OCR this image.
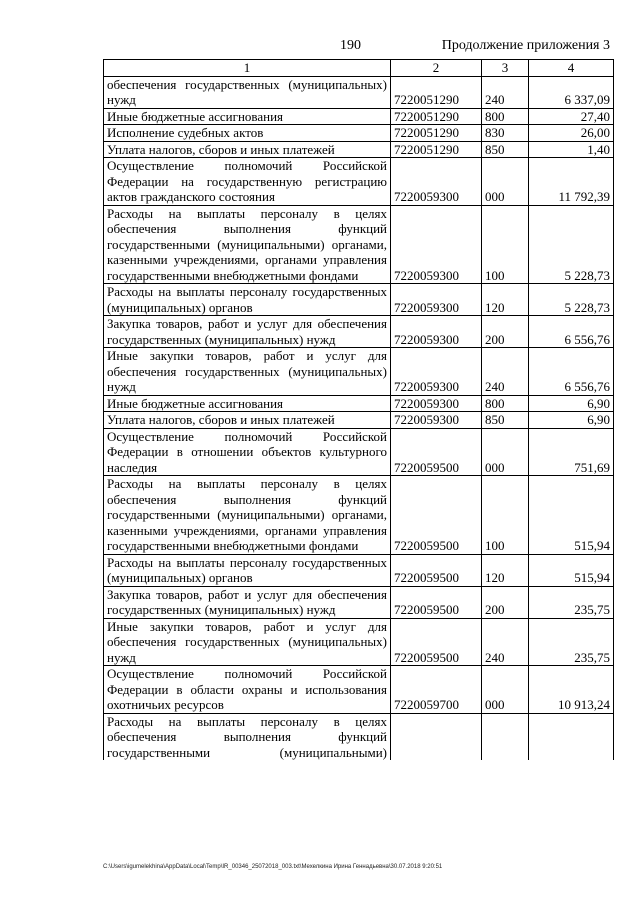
190	Продолжение приложения 3
1	2	3	4
обеспечения государственных (муниципальных) нужд	7220051290	240	6 337,09
Иные бюджетные ассигнования	7220051290	800	27,40
Исполнение судебных актов	7220051290	830	26,00
Уплата налогов, сборов и иных платежей	7220051290	850	1,40
Осуществление полномочий Российской Федерации на государственную регистрацию актов гражданского состояния	7220059300	000	11 792,39
Расходы на выплаты персоналу в целях обеспечения выполнения функций государственными (муниципальными) органами, казенными учреждениями, органами управления государственными внебюджетными фондами	7220059300	100	5 228,73
Расходы на выплаты персоналу государственных (муниципальных) органов	7220059300	120	5 228,73
Закупка товаров, работ и услуг для обеспечения государственных (муниципальных) нужд	7220059300	200	6 556,76
Иные закупки товаров, работ и услуг для обеспечения государственных (муниципальных) нужд	7220059300	240	6 556,76
Иные бюджетные ассигнования	7220059300	800	6,90
Уплата налогов, сборов и иных платежей	7220059300	850	6,90
Осуществление полномочий Российской Федерации в отношении объектов культурного наследия	7220059500	000	751,69
Расходы на выплаты персоналу в целях обеспечения выполнения функций государственными (муниципальными) органами, казенными учреждениями, органами управления государственными внебюджетными фондами	7220059500	100	515,94
Расходы на выплаты персоналу государственных (муниципальных) органов	7220059500	120	515,94
Закупка товаров, работ и услуг для обеспечения государственных (муниципальных) нужд	7220059500	200	235,75
Иные закупки товаров, работ и услуг для обеспечения государственных (муниципальных) нужд	7220059500	240	235,75
Осуществление полномочий Российской Федерации в области охраны и использования охотничьих ресурсов	7220059700	000	10 913,24
Расходы на выплаты персоналу в целях обеспечения выполнения функций государственными (муниципальными)			
C:\Users\igumelekhina\AppData\Local\Temp\IR_00346_25072018_003.txt\Мехелкина Ирина Геннадьевна\30.07.2018 9:20:51
